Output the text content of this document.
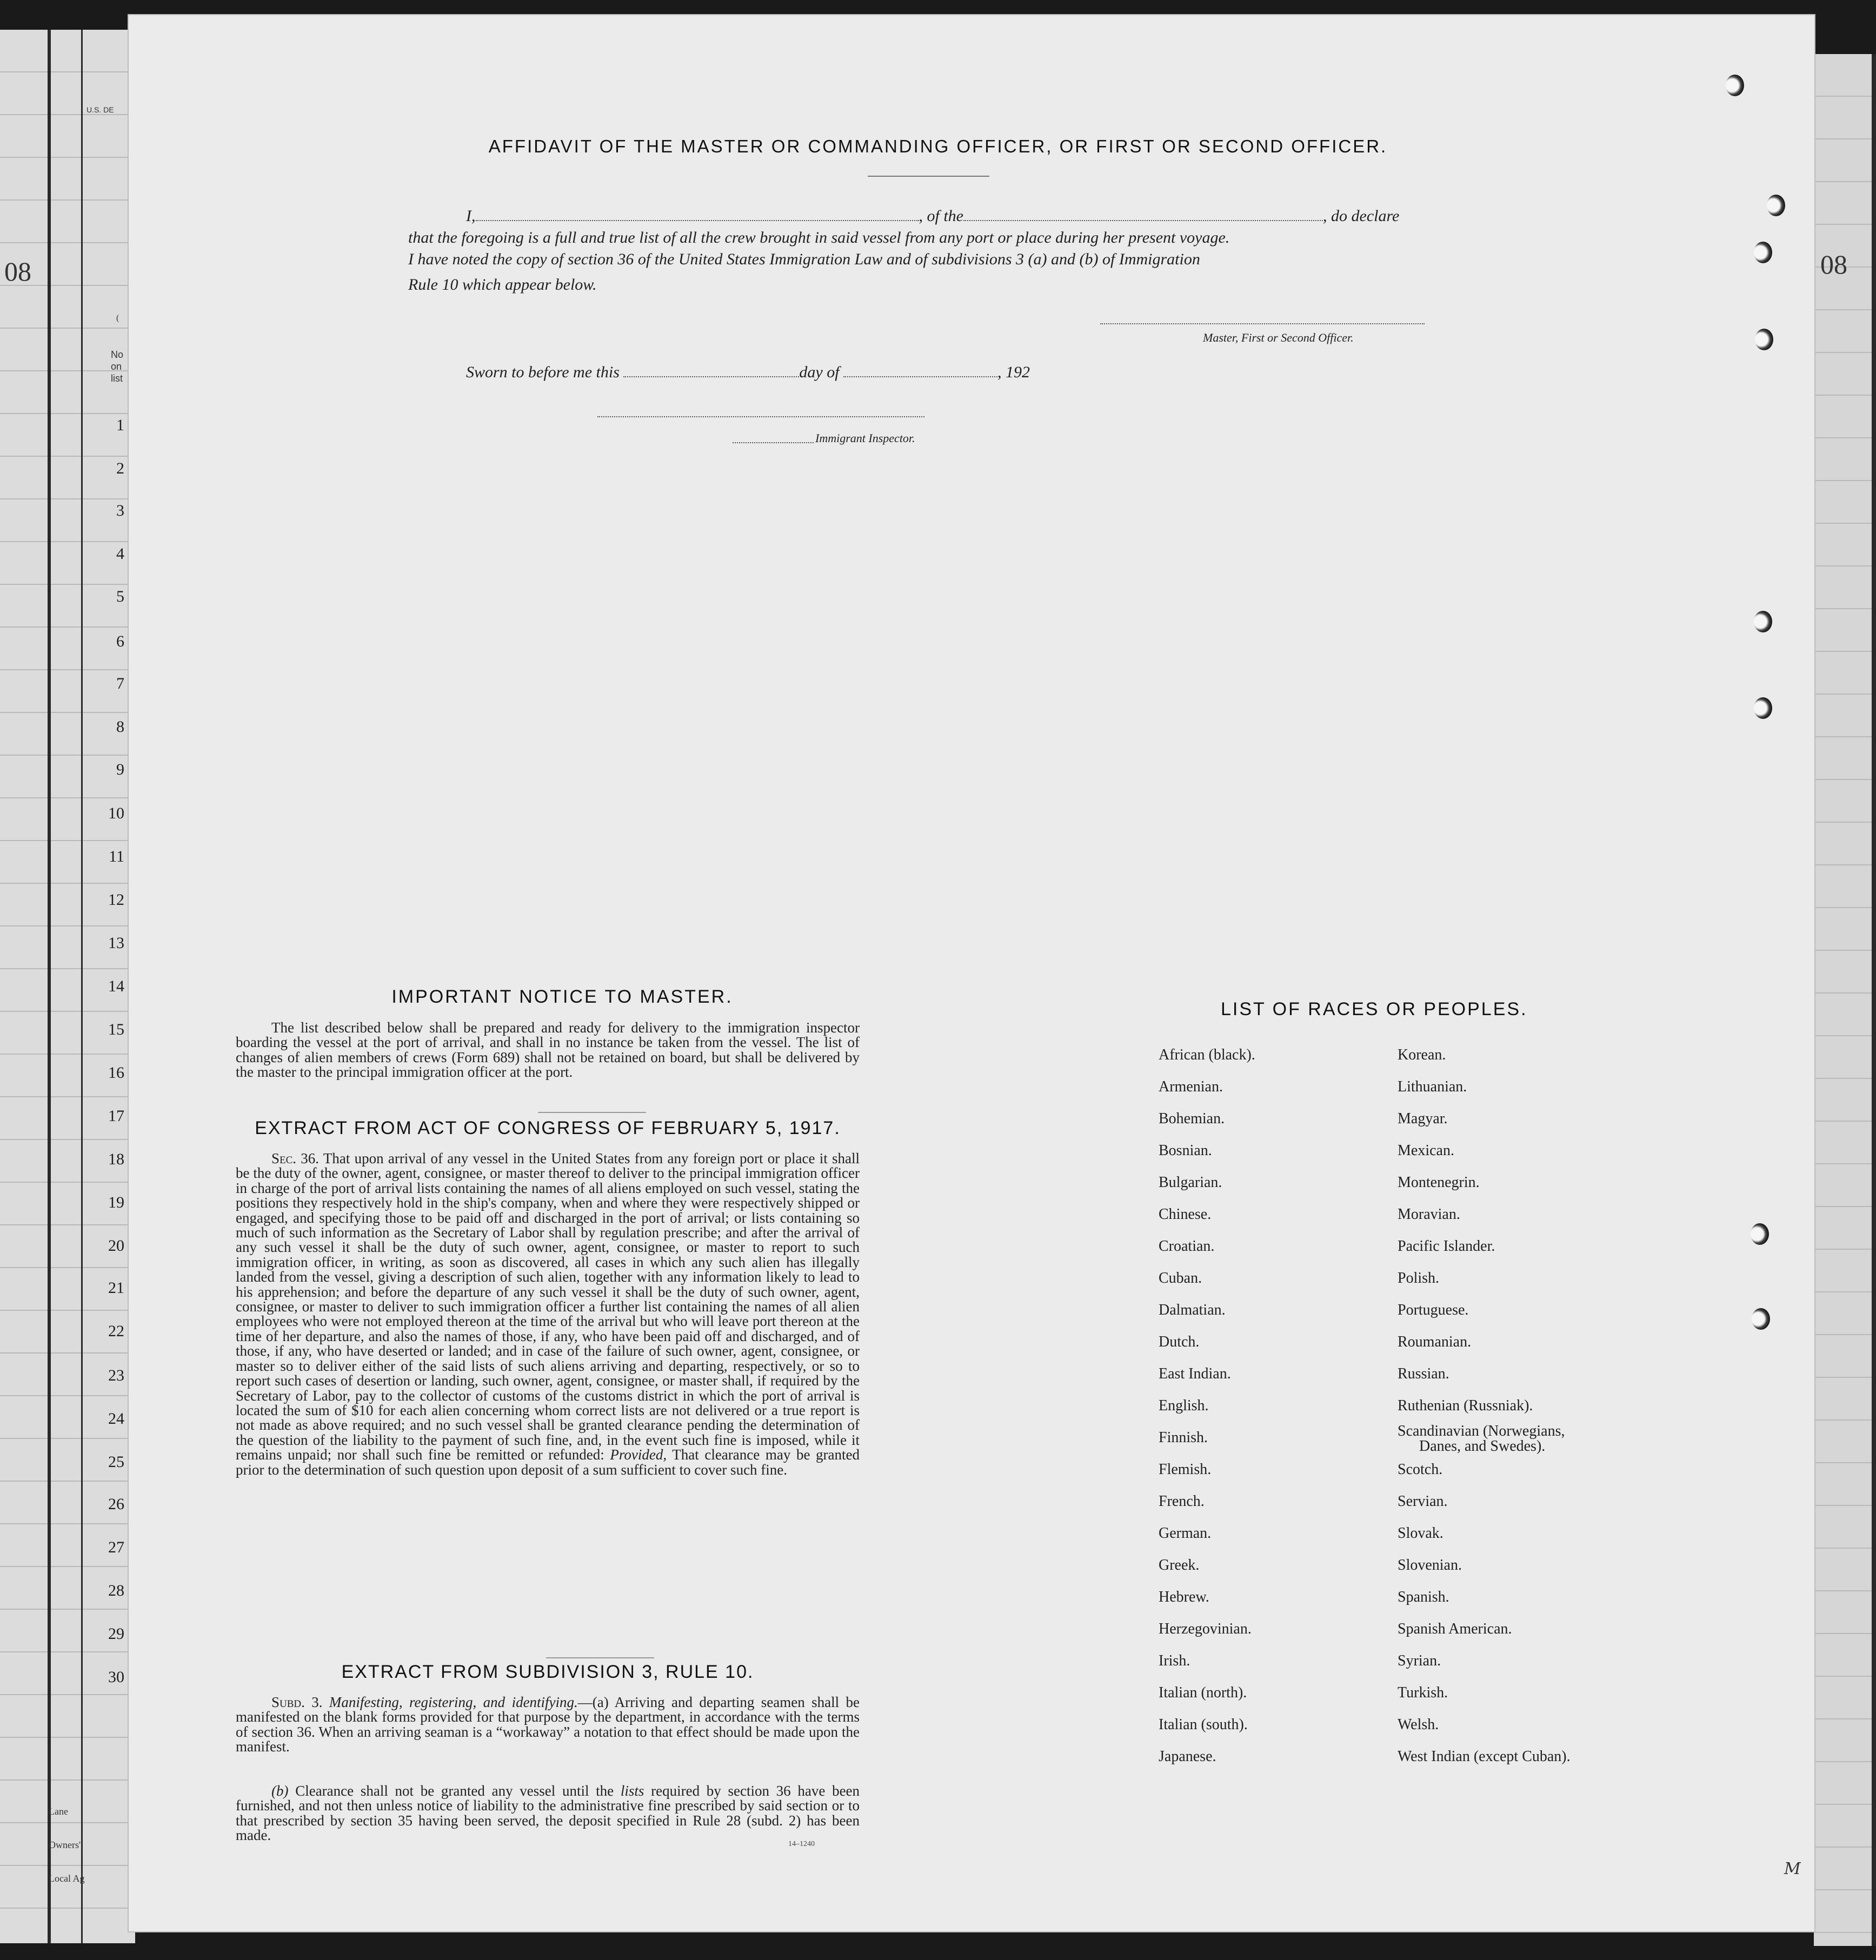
U.S. DE
08
(
No
on
list
1
2
3
4
5
6
7
8
9
10
11
12
13
14
15
16
17
18
19
20
21
22
23
24
25
26
27
28
29
30
Lane
Owners'
Local Ag
08
AFFIDAVIT OF THE MASTER OR COMMANDING OFFICER, OR FIRST OR SECOND OFFICER.
I,	, of the	, do declare
that the foregoing is a full and true list of all the crew brought in said vessel from any port or place during her present voyage.
I have noted the copy of section 36 of the United States Immigration Law and of subdivisions 3 (a) and (b) of Immigration
Rule 10 which appear below.
Master, First or Second Officer.
Sworn to before me this	day of	, 192
Immigrant Inspector.
IMPORTANT NOTICE TO MASTER.
The list described below shall be prepared and ready for delivery to the immigration inspector boarding the vessel at the port of arrival, and shall in no instance be taken from the vessel. The list of changes of alien members of crews (Form 689) shall not be retained on board, but shall be delivered by the master to the principal immigration officer at the port.
EXTRACT FROM ACT OF CONGRESS OF FEBRUARY 5, 1917.
Sec. 36. That upon arrival of any vessel in the United States from any foreign port or place it shall be the duty of the owner, agent, consignee, or master thereof to deliver to the principal immigration officer in charge of the port of arrival lists containing the names of all aliens employed on such vessel, stating the positions they respectively hold in the ship's company, when and where they were respectively shipped or engaged, and specifying those to be paid off and discharged in the port of arrival; or lists containing so much of such information as the Secretary of Labor shall by regulation prescribe; and after the arrival of any such vessel it shall be the duty of such owner, agent, consignee, or master to report to such immigration officer, in writing, as soon as discovered, all cases in which any such alien has illegally landed from the vessel, giving a description of such alien, together with any information likely to lead to his apprehension; and before the departure of any such vessel it shall be the duty of such owner, agent, consignee, or master to deliver to such immigration officer a further list containing the names of all alien employees who were not employed thereon at the time of the arrival but who will leave port thereon at the time of her departure, and also the names of those, if any, who have been paid off and discharged, and of those, if any, who have deserted or landed; and in case of the failure of such owner, agent, consignee, or master so to deliver either of the said lists of such aliens arriving and departing, respectively, or so to report such cases of desertion or landing, such owner, agent, consignee, or master shall, if required by the Secretary of Labor, pay to the collector of customs of the customs district in which the port of arrival is located the sum of $10 for each alien concerning whom correct lists are not delivered or a true report is not made as above required; and no such vessel shall be granted clearance pending the determination of the question of the liability to the payment of such fine, and, in the event such fine is imposed, while it remains unpaid; nor shall such fine be remitted or refunded: Provided, That clearance may be granted prior to the determination of such question upon deposit of a sum sufficient to cover such fine.
EXTRACT FROM SUBDIVISION 3, RULE 10.
Subd. 3. Manifesting, registering, and identifying.—(a) Arriving and departing seamen shall be manifested on the blank forms provided for that purpose by the department, in accordance with the terms of section 36. When an arriving seaman is a “workaway” a notation to that effect should be made upon the manifest.
(b) Clearance shall not be granted any vessel until the lists required by section 36 have been furnished, and not then unless notice of liability to the administrative fine prescribed by said section or to that prescribed by section 35 having been served, the deposit specified in Rule 28 (subd. 2) has been made.
14–1240
LIST OF RACES OR PEOPLES.
M
African (black).
Armenian.
Bohemian.
Bosnian.
Bulgarian.
Chinese.
Croatian.
Cuban.
Dalmatian.
Dutch.
East Indian.
English.
Finnish.
Flemish.
French.
German.
Greek.
Hebrew.
Herzegovinian.
Irish.
Italian (north).
Italian (south).
Japanese.
Korean.
Lithuanian.
Magyar.
Mexican.
Montenegrin.
Moravian.
Pacific Islander.
Polish.
Portuguese.
Roumanian.
Russian.
Ruthenian (Russniak).
Scandinavian (Norwegians,
Danes, and Swedes).
Scotch.
Servian.
Slovak.
Slovenian.
Spanish.
Spanish American.
Syrian.
Turkish.
Welsh.
West Indian (except Cuban).
